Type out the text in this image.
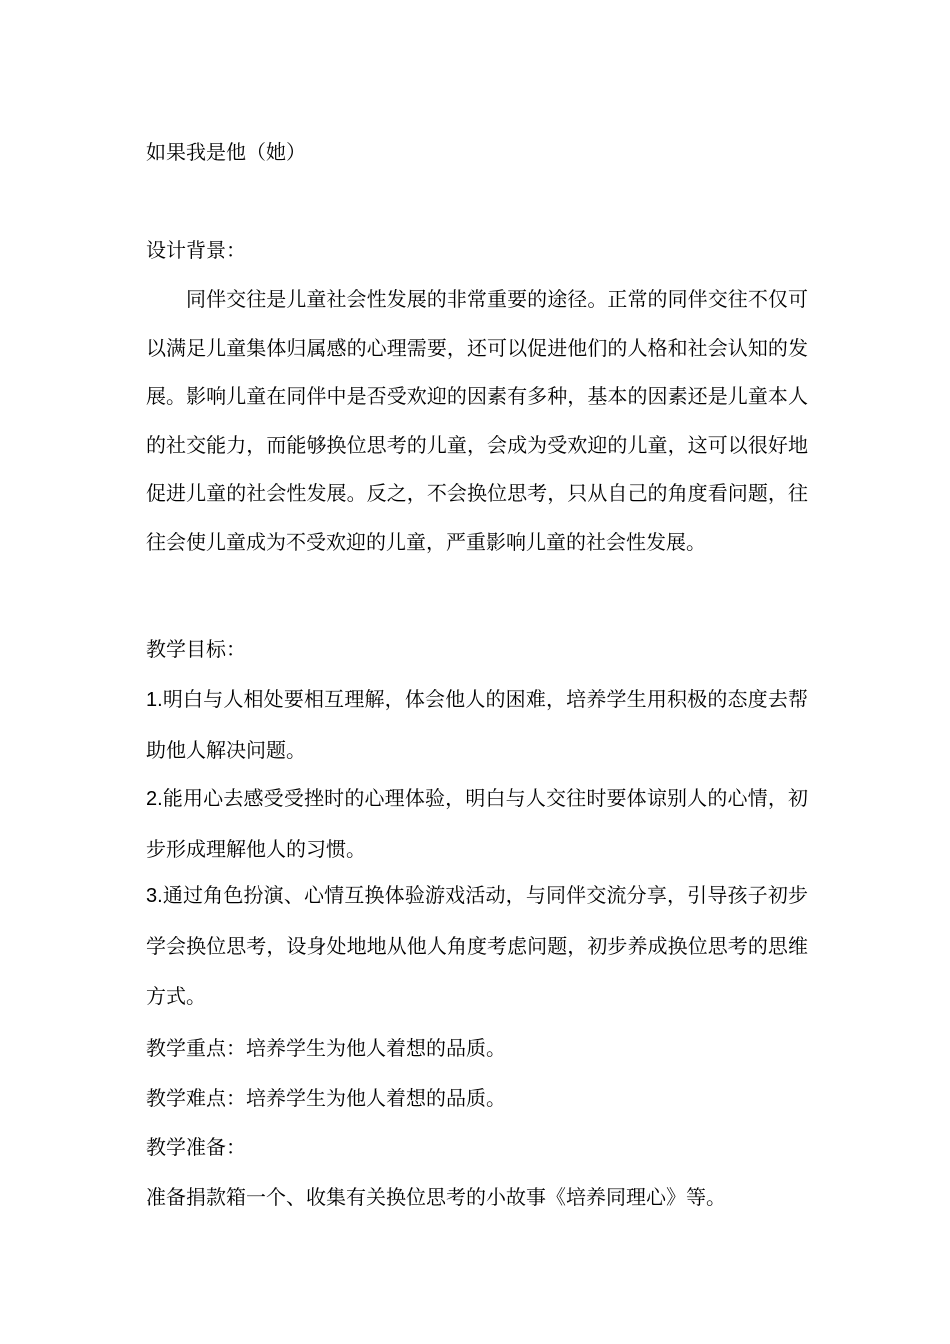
如果我是他（她）
设计背景：
同伴交往是儿童社会性发展的非常重要的途径。正常的同伴交往不仅可以满足儿童集体归属感的心理需要，还可以促进他们的人格和社会认知的发展。影响儿童在同伴中是否受欢迎的因素有多种，基本的因素还是儿童本人的社交能力，而能够换位思考的儿童，会成为受欢迎的儿童，这可以很好地促进儿童的社会性发展。反之，不会换位思考，只从自己的角度看问题，往往会使儿童成为不受欢迎的儿童，严重影响儿童的社会性发展。
教学目标：
1.明白与人相处要相互理解，体会他人的困难，培养学生用积极的态度去帮助他人解决问题。
2.能用心去感受受挫时的心理体验，明白与人交往时要体谅别人的心情，初步形成理解他人的习惯。
3.通过角色扮演、心情互换体验游戏活动，与同伴交流分享，引导孩子初步学会换位思考，设身处地地从他人角度考虑问题，初步养成换位思考的思维方式。
教学重点：培养学生为他人着想的品质。
教学难点：培养学生为他人着想的品质。
教学准备：
准备捐款箱一个、收集有关换位思考的小故事《培养同理心》等。
